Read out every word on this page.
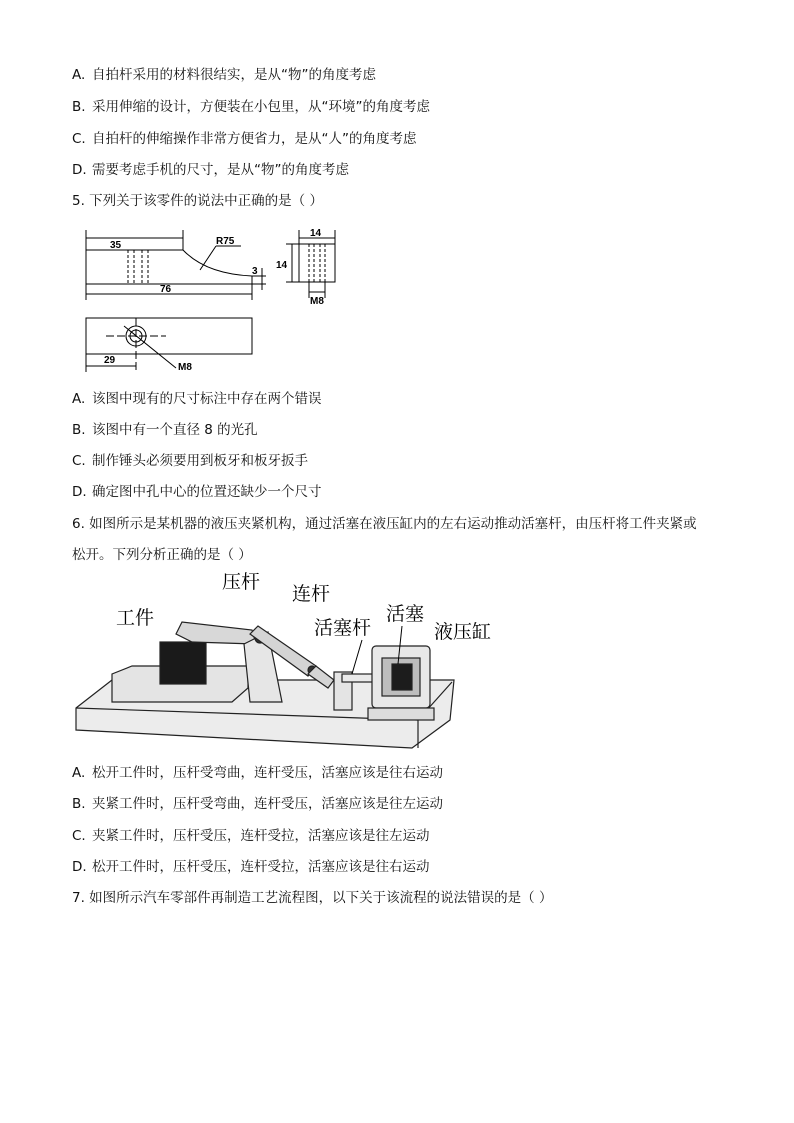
A. 自拍杆采用的材料很结实，是从“物”的角度考虑
B. 采用伸缩的设计，方便装在小包里，从“环境”的角度考虑
C. 自拍杆的伸缩操作非常方便省力，是从“人”的角度考虑
D. 需要考虑手机的尺寸，是从“物”的角度考虑
5. 下列关于该零件的说法中正确的是（ ）
35	R75
3
76
14
14
M8
29
M8
A. 该图中现有的尺寸标注中存在两个错误
B. 该图中有一个直径 8 的光孔
C. 制作锤头必须要用到板牙和板牙扳手
D. 确定图中孔中心的位置还缺少一个尺寸
6. 如图所示是某机器的液压夹紧机构，通过活塞在液压缸内的左右运动推动活塞杆，由压杆将工件夹紧或
松开。下列分析正确的是（ ）
压杆
连杆
工件	活塞杆
活塞
液压缸
A. 松开工件时，压杆受弯曲，连杆受压，活塞应该是往右运动
B. 夹紧工件时，压杆受弯曲，连杆受压，活塞应该是往左运动
C. 夹紧工件时，压杆受压，连杆受拉，活塞应该是往左运动
D. 松开工件时，压杆受压，连杆受拉，活塞应该是往右运动
7. 如图所示汽车零部件再制造工艺流程图，以下关于该流程的说法错误的是（ ）
